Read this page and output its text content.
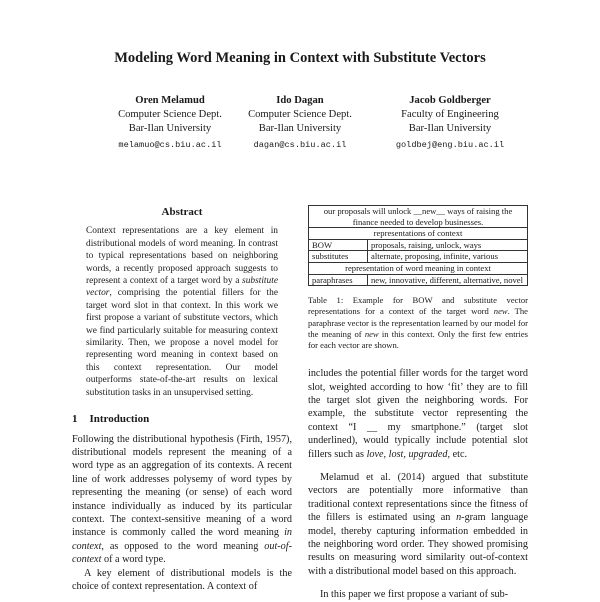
Modeling Word Meaning in Context with Substitute Vectors
Oren Melamud
Computer Science Dept.
Bar-Ilan University
melamuo@cs.biu.ac.il
Ido Dagan
Computer Science Dept.
Bar-Ilan University
dagan@cs.biu.ac.il
Jacob Goldberger
Faculty of Engineering
Bar-Ilan University
goldbej@eng.biu.ac.il
Abstract

Context representations are a key element in distributional models of word meaning. In contrast to typical representations based on neighboring words, a recently proposed approach suggests to represent a context of a target word by a substitute vector, comprising the potential fillers for the target word slot in that context. In this work we first propose a variant of substitute vectors, which we find particularly suitable for measuring context similarity. Then, we propose a novel model for representing word meaning in context based on this context representation. Our model outperforms state-of-the-art results on lexical substitution tasks in an unsupervised setting.

1 Introduction

Following the distributional hypothesis (Firth, 1957), distributional models represent the meaning of a word type as an aggregation of its contexts. A recent line of work addresses polysemy of word types by representing the meaning (or sense) of each word instance individually as induced by its particular context. The context-sensitive meaning of a word instance is commonly called the word meaning in context, as opposed to the word meaning out-of-context of a word type.

A key element of distributional models is the choice of context representation. A context of

our proposals will unlock __new__ ways of raising the finance needed to develop businesses.	
representations of context	
BOW	proposals, raising, unlock, ways
substitutes	alternate, proposing, infinite, various
representation of word meaning in context	
paraphrases	new, innovative, different, alternative, novel
Table 1: Example for BOW and substitute vector representations for a context of the target word new. The paraphrase vector is the representation learned by our model for the meaning of new in this context. Only the first few entries for each vector are shown.

includes the potential filler words for the target word slot, weighted according to how ‘fit’ they are to fill the target slot given the neighboring words. For example, the substitute vector representing the context “I __ my smartphone.” (target slot underlined), would typically include potential slot fillers such as love, lost, upgraded, etc.

Melamud et al. (2014) argued that substitute vectors are potentially more informative than traditional context representations since the fitness of the fillers is estimated using an n-gram language model, thereby capturing information embedded in the neighboring word order. They showed promising results on measuring word similarity out-of-context with a distributional model based on this approach.

In this paper we first propose a variant of sub-
